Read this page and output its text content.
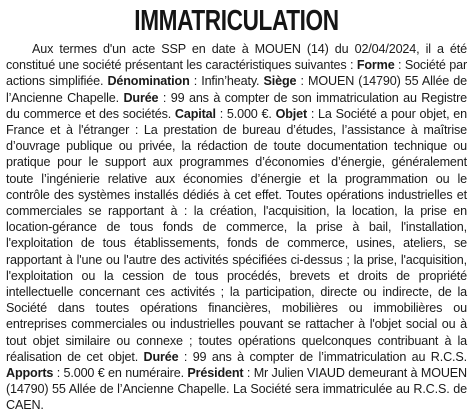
IMMATRICULATION

Aux termes d'un acte SSP en date à MOUEN (14) du 02/04/2024, il a été constitué une société présentant les caractéristiques suivantes : Forme : Société par actions simplifiée. Dénomination : Infin’heaty. Siège : MOUEN (14790) 55 Allée de l’Ancienne Chapelle. Durée : 99 ans à compter de son immatriculation au Registre du commerce et des sociétés. Capital : 5.000 €. Objet : La Société a pour objet, en France et à l'étranger : La prestation de bureau d’études, l’assistance à maîtrise d’ouvrage publique ou privée, la rédaction de toute documentation technique ou pratique pour le support aux programmes d’économies d’énergie, généralement toute l’ingénierie relative aux économies d’énergie et la programmation ou le contrôle des systèmes installés dédiés à cet effet. Toutes opérations industrielles et commerciales se rapportant à : la création, l'acquisition, la location, la prise en location-gérance de tous fonds de commerce, la prise à bail, l'installation, l'exploitation de tous établissements, fonds de commerce, usines, ateliers, se rapportant à l'une ou l'autre des activités spécifiées ci-dessus ; la prise, l'acquisition, l'exploitation ou la cession de tous procédés, brevets et droits de propriété intellectuelle concernant ces activités ; la participation, directe ou indirecte, de la Société dans toutes opérations financières, mobilières ou immobilières ou entreprises commerciales ou industrielles pouvant se rattacher à l'objet social ou à tout objet similaire ou connexe ; toutes opérations quelconques contribuant à la réalisation de cet objet. Durée : 99 ans à compter de l’immatriculation au R.C.S. Apports : 5.000 € en numéraire. Président : Mr Julien VIAUD demeurant à MOUEN (14790) 55 Allée de l’Ancienne Chapelle. La Société sera immatriculée au R.C.S. de CAEN.
